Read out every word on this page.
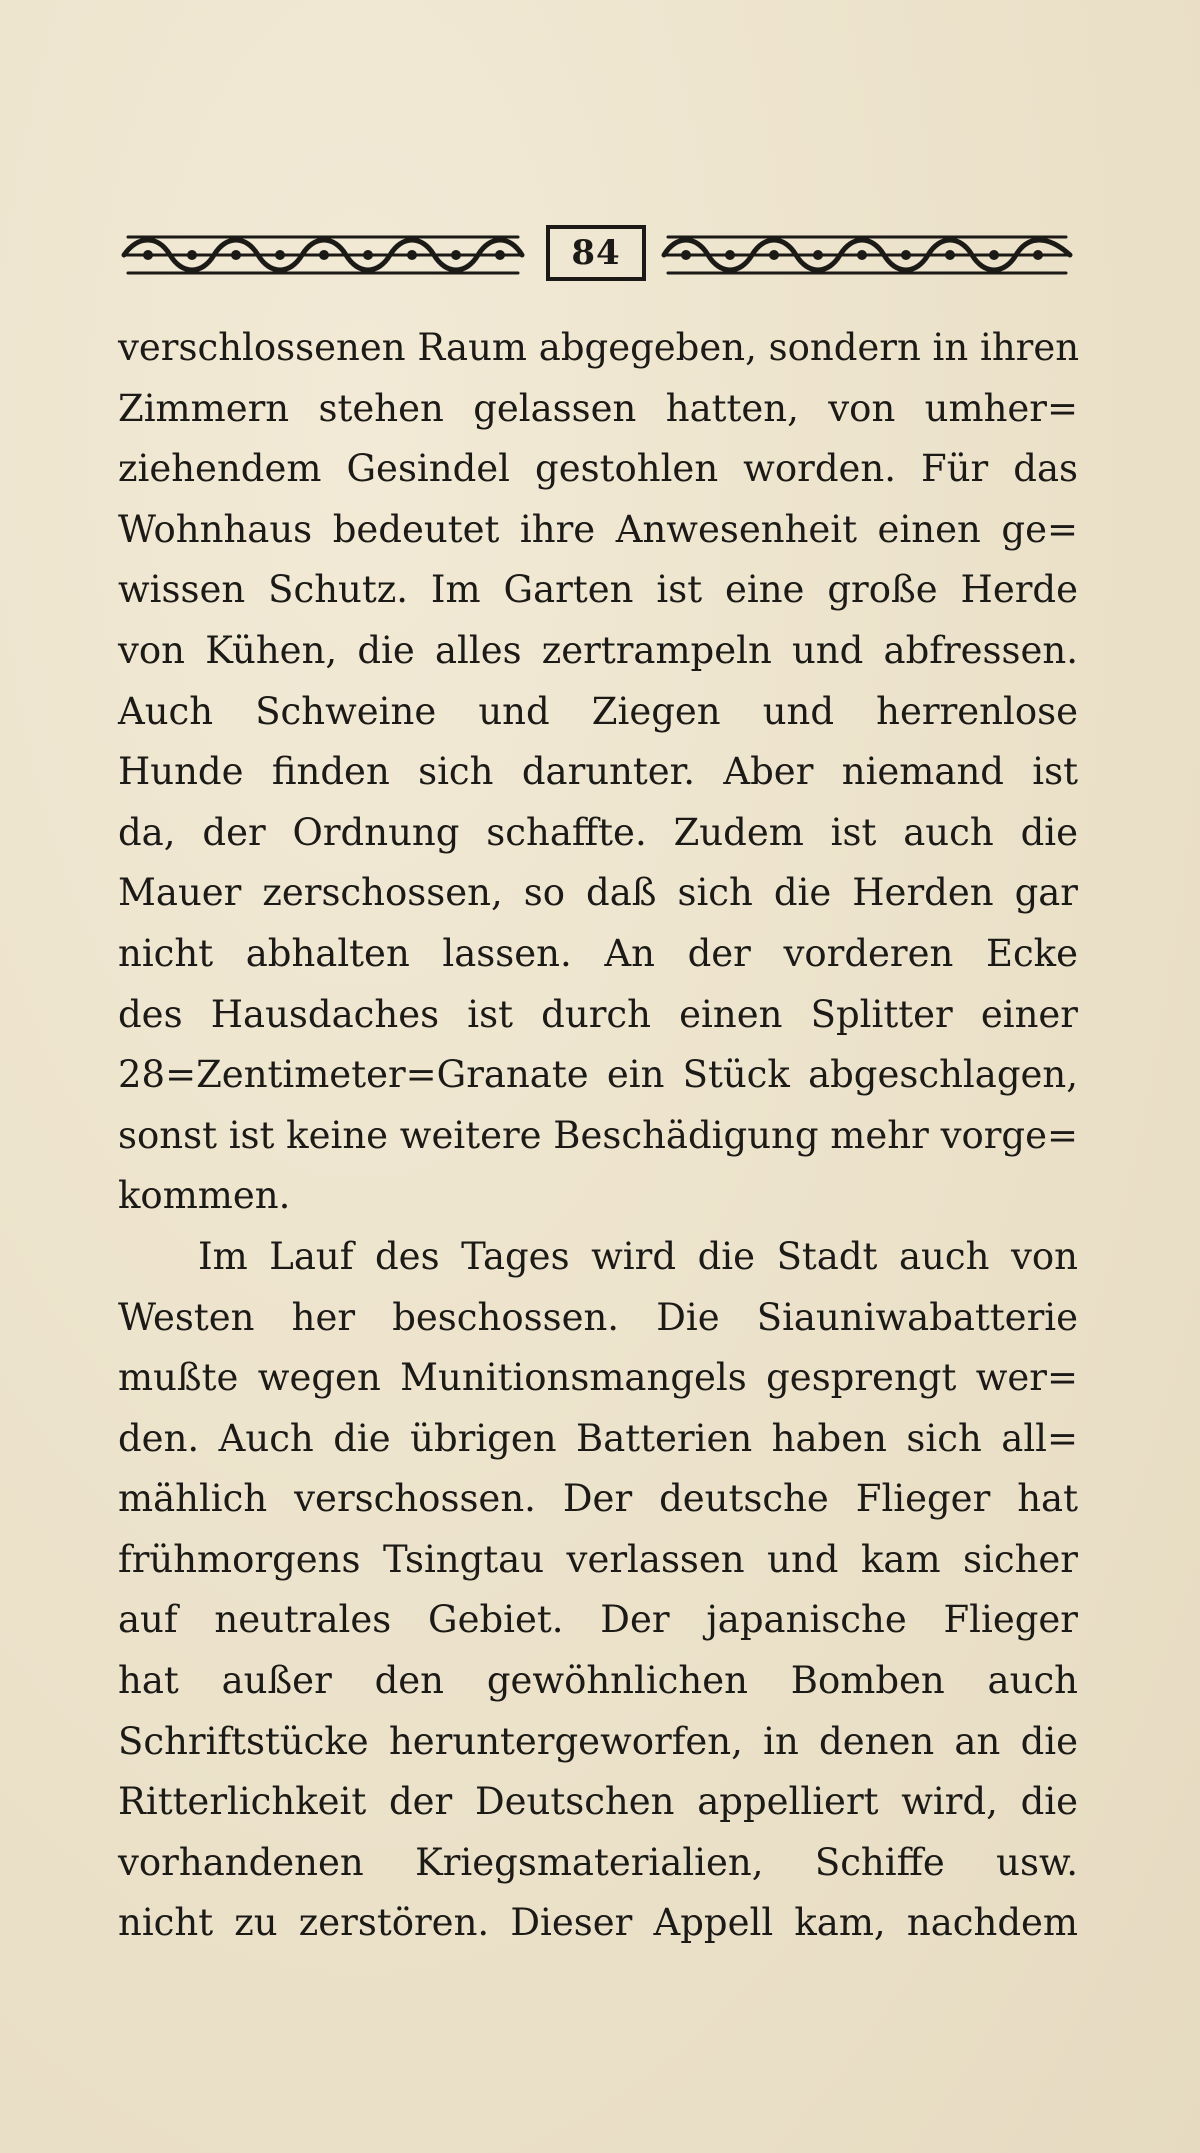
84
verschlossenen Raum abgegeben, sondern in ihren
Zimmern stehen gelassen hatten, von umher=
ziehendem Gesindel gestohlen worden. Für das
Wohnhaus bedeutet ihre Anwesenheit einen ge=
wissen Schutz. Im Garten ist eine große Herde
von Kühen, die alles zertrampeln und abfressen.
Auch Schweine und Ziegen und herrenlose
Hunde finden sich darunter. Aber niemand ist
da, der Ordnung schaffte. Zudem ist auch die
Mauer zerschossen, so daß sich die Herden gar
nicht abhalten lassen. An der vorderen Ecke
des Hausdaches ist durch einen Splitter einer
28=Zentimeter=Granate ein Stück abgeschlagen,
sonst ist keine weitere Beschädigung mehr vorge=
kommen.
Im Lauf des Tages wird die Stadt auch von
Westen her beschossen. Die Siauniwabatterie
mußte wegen Munitionsmangels gesprengt wer=
den. Auch die übrigen Batterien haben sich all=
mählich verschossen. Der deutsche Flieger hat
frühmorgens Tsingtau verlassen und kam sicher
auf neutrales Gebiet. Der japanische Flieger
hat außer den gewöhnlichen Bomben auch
Schriftstücke heruntergeworfen, in denen an die
Ritterlichkeit der Deutschen appelliert wird, die
vorhandenen Kriegsmaterialien, Schiffe usw.
nicht zu zerstören. Dieser Appell kam, nachdem
